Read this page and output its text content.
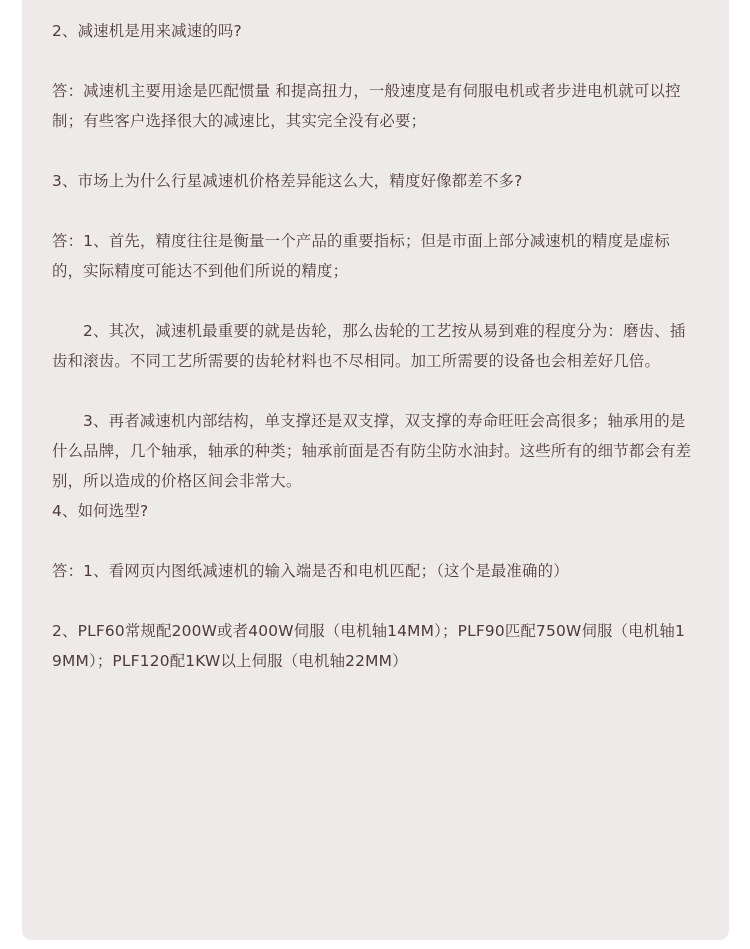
2、减速机是用来减速的吗?

答：减速机主要用途是匹配惯量 和提高扭力，一般速度是有伺服电机或者步进电机就可以控制；有些客户选择很大的减速比，其实完全没有必要；

3、市场上为什么行星减速机价格差异能这么大，精度好像都差不多?

答：1、首先，精度往往是衡量一个产品的重要指标；但是市面上部分减速机的精度是虚标的，实际精度可能达不到他们所说的精度；

2、其次，减速机最重要的就是齿轮，那么齿轮的工艺按从易到难的程度分为：磨齿、插齿和滚齿。不同工艺所需要的齿轮材料也不尽相同。加工所需要的设备也会相差好几倍。

3、再者减速机内部结构，单支撑还是双支撑，双支撑的寿命旺旺会高很多；轴承用的是什么品牌，几个轴承，轴承的种类；轴承前面是否有防尘防水油封。这些所有的细节都会有差别，所以造成的价格区间会非常大。

4、如何选型?

答：1、看网页内图纸减速机的输入端是否和电机匹配；（这个是最准确的）

2、PLF60常规配200W或者400W伺服（电机轴14MM）；PLF90匹配750W伺服（电机轴19MM）；PLF120配1KW以上伺服（电机轴22MM）
